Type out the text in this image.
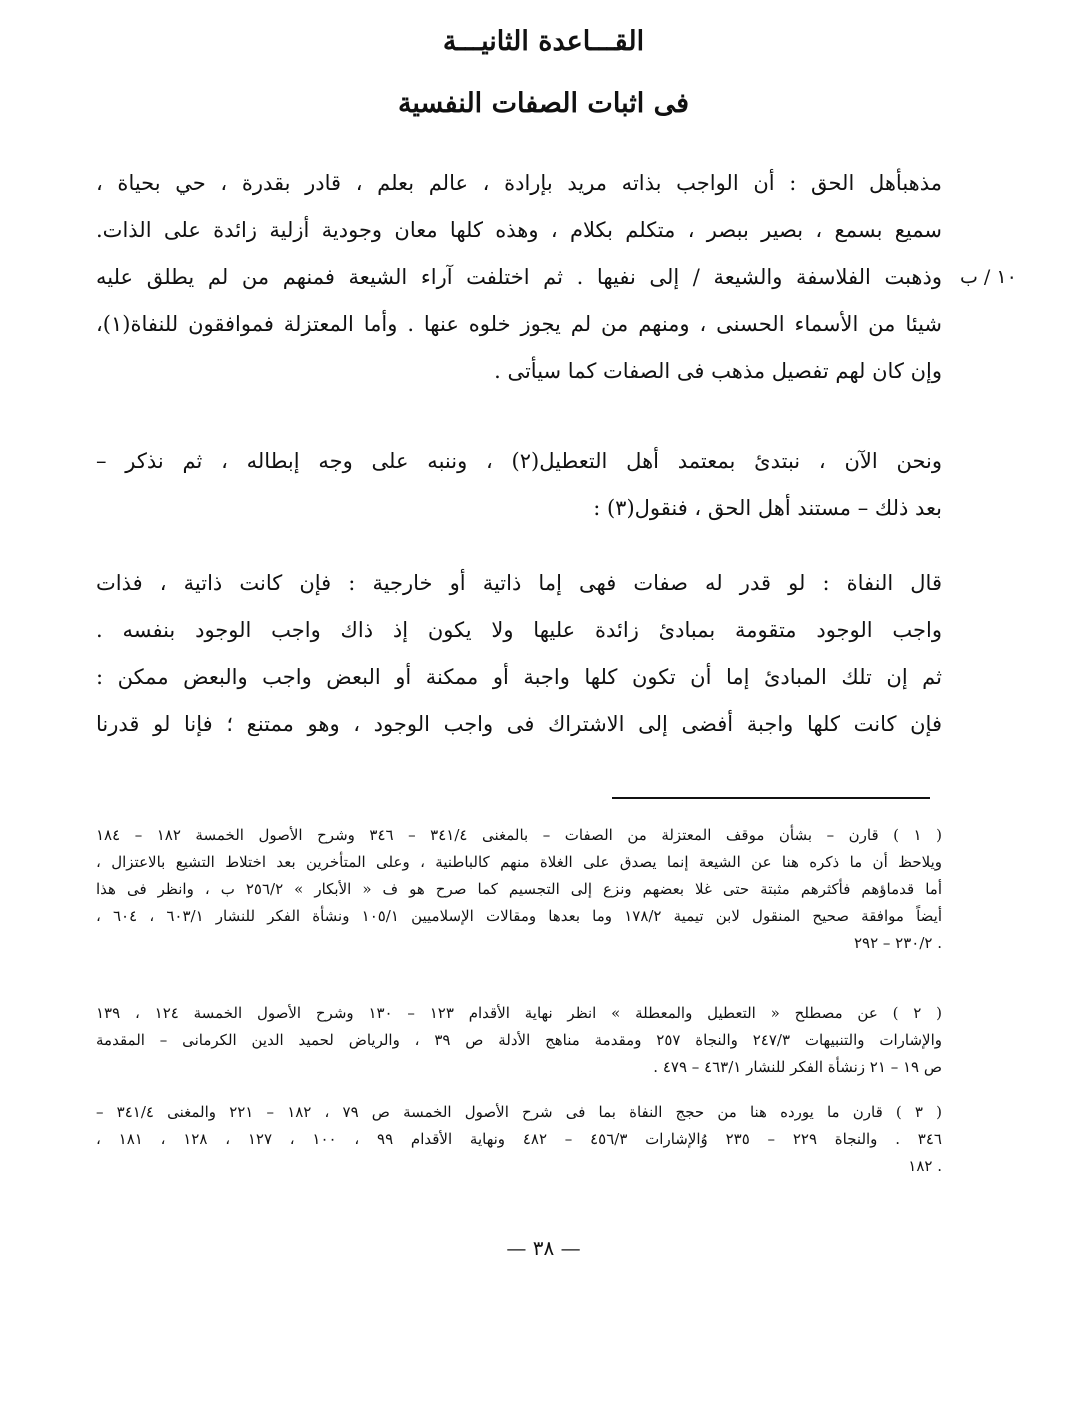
القـــاعدة الثانيـــة
فى اثبات الصفات النفسية
١٠ / ب
مذهبأهل الحق : أن الواجب بذاته مريد بإرادة ، عالم بعلم ، قادر بقدرة ، حي بحياة ،
سميع بسمع ، بصير ببصر ، متكلم بكلام ، وهذه كلها معان وجودية أزلية زائدة على الذات.
وذهبت الفلاسفة والشيعة / إلى نفيها . ثم اختلفت آراء الشيعة فمنهم من لم يطلق عليه
شيئا من الأسماء الحسنى ، ومنهم من لم يجوز خلوه عنها . وأما المعتزلة فموافقون للنفاة(١)،
وإن كان لهم تفصيل مذهب فى الصفات كما سيأتى .
ونحن الآن ، نبتدئ بمعتمد أهل التعطيل(٢) ، وننبه على وجه إبطاله ، ثم نذكر –
بعد ذلك – مستند أهل الحق ، فنقول(٣) :
قال النفاة : لو قدر له صفات فهى إما ذاتية أو خارجية : فإن كانت ذاتية ، فذات
واجب الوجود متقومة بمبادئ زائدة عليها ولا يكون إذ ذاك واجب الوجود بنفسه .
ثم إن تلك المبادئ إما أن تكون كلها واجبة أو ممكنة أو البعض واجب والبعض ممكن :
فإن كانت كلها واجبة أفضى إلى الاشتراك فى واجب الوجود ، وهو ممتنع ؛ فإنا لو قدرنا
( ١ ) قارن – بشأن موقف المعتزلة من الصفات – بالمغنى ٣٤١/٤ – ٣٤٦ وشرح الأصول الخمسة ١٨٢ – ١٨٤
ويلاحظ أن ما ذكره هنا عن الشيعة إنما يصدق على الغلاة منهم كالباطنية ، وعلى المتأخرين بعد اختلاط التشيع بالاعتزال ،
أما قدماؤهم فأكثرهم مثبتة حتى غلا بعضهم ونزع إلى التجسيم كما صرح هو ف « الأبكار » ٢٥٦/٢ ب ، وانظر فى هذا
أيضاً موافقة صحيح المنقول لابن تيمية ١٧٨/٢ وما بعدها ومقالات الإسلاميين ١٠٥/١ ونشأة الفكر للنشار ٦٠٣/١ ، ٦٠٤ ،
٢٣٠/٢ – ٢٩٢ .
( ٢ ) عن مصطلح « التعطيل والمعطلة » انظر نهاية الأقدام ١٢٣ – ١٣٠ وشرح الأصول الخمسة ١٢٤ ، ١٣٩
والإشارات والتنبيهات ٢٤٧/٣ والنجاة ٢٥٧ ومقدمة مناهج الأدلة ص ٣٩ ، والرياض لحميد الدين الكرمانى – المقدمة
ص ١٩ – ٢١ زنشأة الفكر للنشار ٤٦٣/١ – ٤٧٩ .
( ٣ ) قارن ما يورده هنا من حجج النفاة بما فى شرح الأصول الخمسة ص ٧٩ ، ١٨٢ – ٢٢١ والمغنى ٣٤١/٤ –
٣٤٦ . والنجاة ٢٢٩ – ٢٣٥ وُالإشارات ٤٥٦/٣ – ٤٨٢ ونهاية الأقدام ٩٩ ، ١٠٠ ، ١٢٧ ، ١٢٨ ، ١٨١ ،
١٨٢ .
— ٣٨ —
